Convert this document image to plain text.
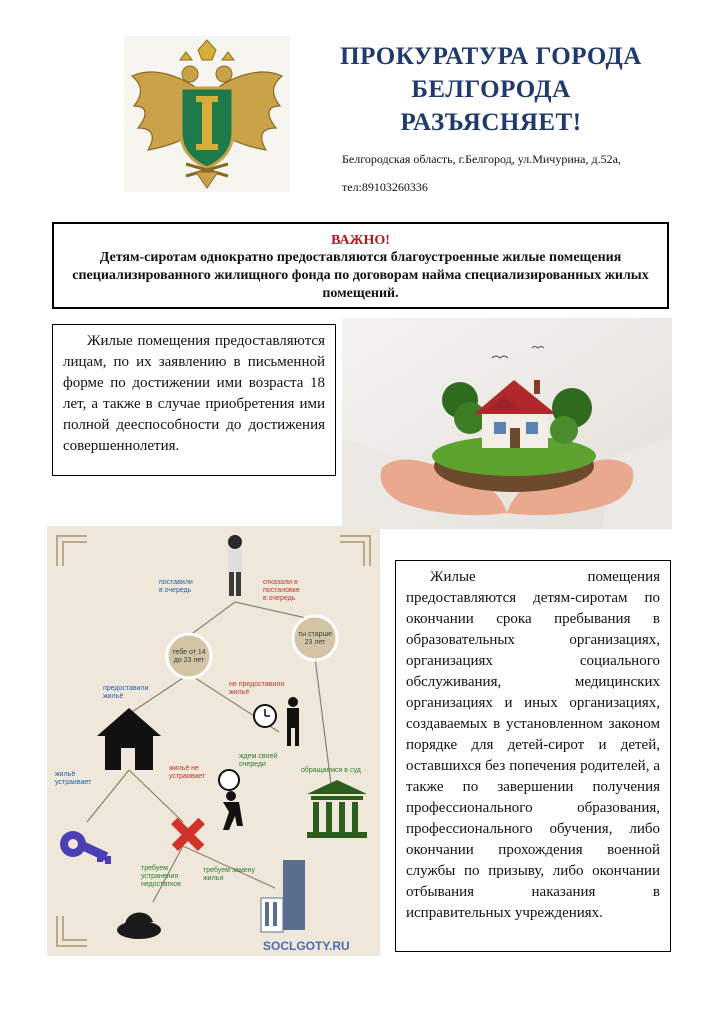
ПРОКУРАТУРА ГОРОДА
БЕЛГОРОДА
РАЗЪЯСНЯЕТ!
Белгородская область, г.Белгород, ул.Мичурина, д.52а,
тел:89103260336
ВАЖНО!
Детям-сиротам однократно предоставляются благоустроенные жилые помещения специализированного жилищного фонда по договорам найма специализированных жилых помещений.
Жилые помещения предоставляются лицам, по их заявлению в письменной форме по достижении ими возраста 18 лет, а также в случае приобретения ими полной дееспособности до достижения совершеннолетия.
поставили
в очередь
предоставили
жильё
жильё
устраивает
отказали в
постановке
в очередь
не предоставили
жильё
жильё не
устраивает
ждем своей
очереди
обращаемся в суд
требуем
устранения
недостатков
требуем замену
жилья
тебе от 14
до 23 лет
ты старше
23 лет
SOCLGOTY.RU
Жилые помещения предоставляются детям-сиротам по окончании срока пребывания в образовательных организациях, организациях социального обслуживания, медицинских организациях и иных организациях, создаваемых в установленном законом порядке для детей-сирот и детей, оставшихся без попечения родителей, а также по завершении получения профессионального образования, профессионального обучения, либо окончании прохождения военной службы по призыву, либо окончании отбывания наказания в исправительных учреждениях.
